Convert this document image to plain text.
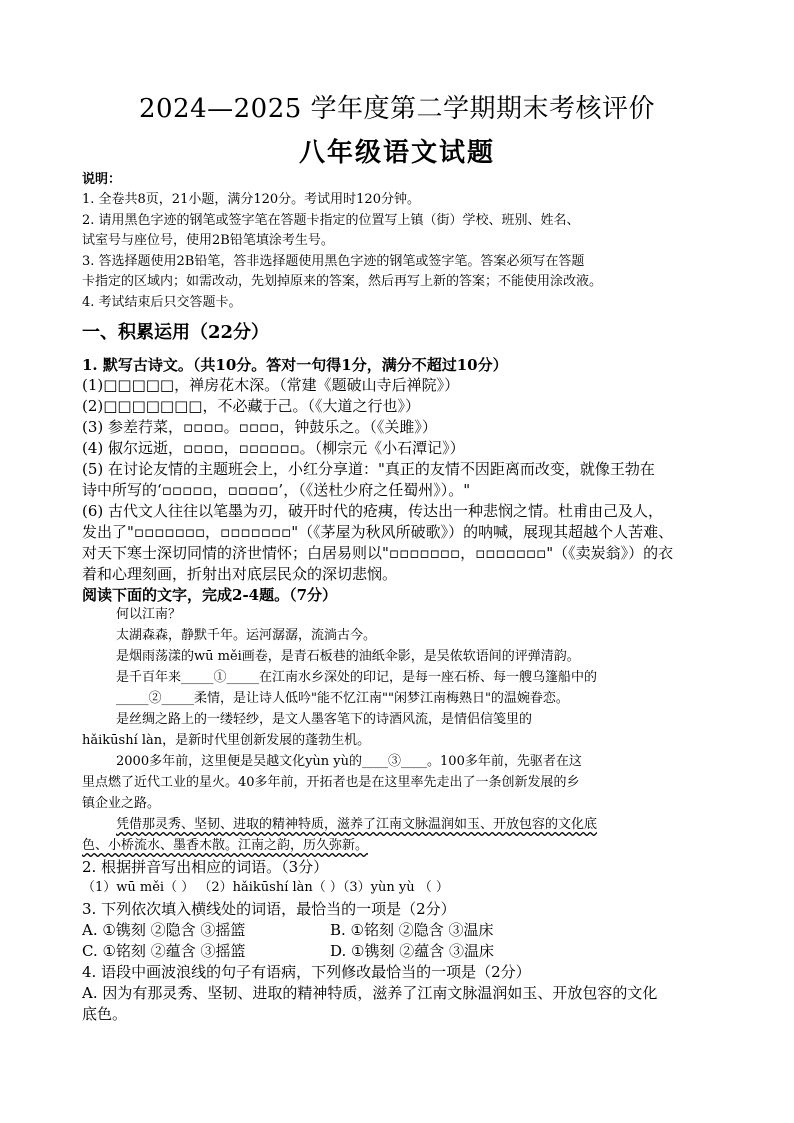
2024—2025 学年度第二学期期末考核评价
八年级语文试题
说明：
1. 全卷共8页，21小题，满分120分。考试用时120分钟。
2. 请用黑色字迹的钢笔或签字笔在答题卡指定的位置写上镇（街）学校、班别、姓名、
试室号与座位号，使用2B铅笔填涂考生号。
3. 答选择题使用2B铅笔，答非选择题使用黑色字迹的钢笔或签字笔。答案必须写在答题
卡指定的区域内；如需改动，先划掉原来的答案，然后再写上新的答案；不能使用涂改液。
4. 考试结束后只交答题卡。
一、积累运用（22分）
1. 默写古诗文。（共10分。答对一句得1分，满分不超过10分）
(1)□□□□□，禅房花木深。（常建《题破山寺后禅院》）
(2)□□□□□□□，不必藏于己。（《大道之行也》）
(3) 参差荇菜，▫▫▫▫。▫▫▫▫，钟鼓乐之。（《关雎》）
(4) 俶尔远逝，▫▫▫▫，▫▫▫▫▫▫。（柳宗元《小石潭记》）
(5) 在讨论友情的主题班会上，小红分享道："真正的友情不因距离而改变，就像王勃在
诗中所写的‘▫▫▫▫▫，▫▫▫▫▫’，（《送杜少府之任蜀州》）。"
(6) 古代文人往往以笔墨为刃，破开时代的疮痍，传达出一种悲悯之情。杜甫由己及人，
发出了"▫▫▫▫▫▫▫，▫▫▫▫▫▫▫"（《茅屋为秋风所破歌》）的呐喊，展现其超越个人苦难、
对天下寒士深切同情的济世情怀；白居易则以"▫▫▫▫▫▫▫，▫▫▫▫▫▫▫"（《卖炭翁》）的衣
着和心理刻画，折射出对底层民众的深切悲悯。
阅读下面的文字，完成2-4题。（7分）
何以江南？
太湖森森，静默千年。运河潺潺，流淌古今。
是烟雨荡漾的wū měi画卷，是青石板巷的油纸伞影，是吴侬软语间的评弹清韵。
是千百年来_____①_____在江南水乡深处的印记，是每一座石桥、每一艘乌篷船中的
_____②_____柔情，是让诗人低吟"能不忆江南""闲梦江南梅熟日"的温婉眷恋。
是丝绸之路上的一缕轻纱，是文人墨客笔下的诗酒风流，是情侣信笺里的
hǎikūshí làn，是新时代里创新发展的蓬勃生机。
2000多年前，这里便是吴越文化yùn yù的____③____。100多年前，先驱者在这
里点燃了近代工业的星火。40多年前，开拓者也是在这里率先走出了一条创新发展的乡
镇企业之路。
凭借那灵秀、坚韧、进取的精神特质，滋养了江南文脉温润如玉、开放包容的文化底
色、小桥流水、墨香木散。江南之韵，历久弥新。
2. 根据拼音写出相应的词语。（3分）
（1）wū měi（ ） （2）hǎikūshí làn（ ）（3）yùn yù （ ）
3. 下列依次填入横线处的词语，最恰当的一项是（2分）
A. ①镌刻 ②隐含 ③摇篮	B. ①铭刻 ②隐含 ③温床
C. ①铭刻 ②蕴含 ③摇篮	D. ①镌刻 ②蕴含 ③温床
4. 语段中画波浪线的句子有语病，下列修改最恰当的一项是（2分）
A. 因为有那灵秀、坚韧、进取的精神特质，滋养了江南文脉温润如玉、开放包容的文化
底色。
